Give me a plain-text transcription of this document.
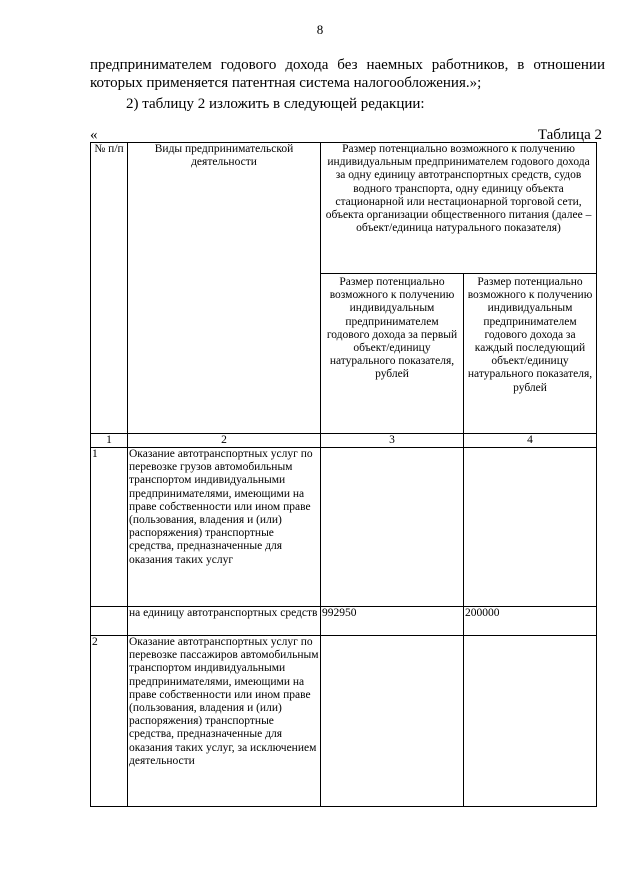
8
предпринимателем годового дохода без наемных работников, в отношении которых применяется патентная система налогообложения.»;
2) таблицу 2 изложить в следующей редакции:
«	Таблица 2
№ п/п	Виды предпринимательской деятельности	Размер потенциально возможного к получению индивидуальным предпринимателем годового дохода за одну единицу автотранспортных средств, судов водного транспорта, одну единицу объекта стационарной или нестационарной торговой сети, объекта организации общественного питания (далее – объект/единица натурального показателя)	
		Размер потенциально возможного к получению индивидуальным предпринимателем годового дохода за первый объект/единицу натурального показателя, рублей	Размер потенциально возможного к получению индивидуальным предпринимателем годового дохода за каждый последующий объект/единицу натурального показателя, рублей
1	2	3	4
1	Оказание автотранспортных услуг по перевозке грузов автомобильным транспортом индивидуальными предпринимателями, имеющими на праве собственности или ином праве (пользования, владения и (или) распоряжения) транспортные средства, предназначенные для оказания таких услуг		
	на единицу автотранспортных средств	992950	200000
2	Оказание автотранспортных услуг по перевозке пассажиров автомобильным транспортом индивидуальными предпринимателями, имеющими на праве собственности или ином праве (пользования, владения и (или) распоряжения) транспортные средства, предназначенные для оказания таких услуг, за исключением деятельности		
